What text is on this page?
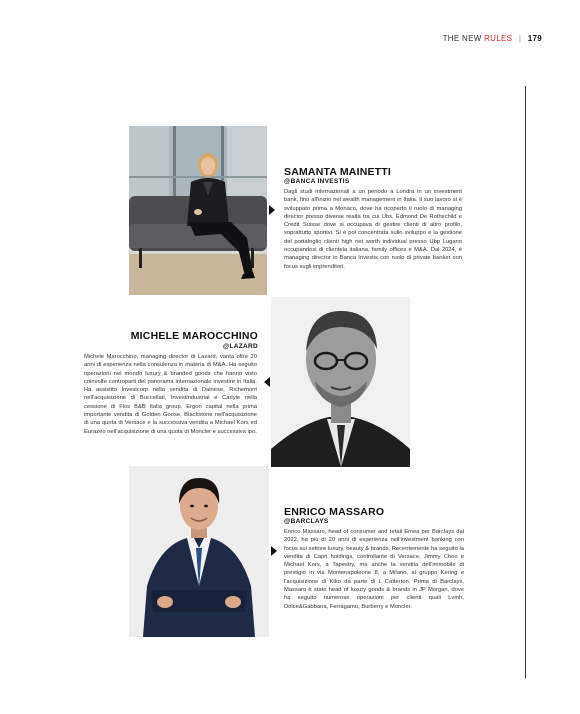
THE NEW RULES | 179
SAMANTA MAINETTI
@BANCA INVESTIS

Dagli studi internazionali a un periodo a Londra in un investment bank, fino all'inizio nel wealth management in Italia. Il suo lavoro si è sviluppato prima a Monaco, dove ha ricoperto il ruolo di managing director presso diverse realtà tra cui Ubs, Edmond De Rothschild e Credit Suisse dove si occupava di gestire clienti di altro profilo, soprattutto sportivi. Si è poi concentrata sullo sviluppo e la gestione del portafoglio clienti high net worth individual presso Ubp Lugano occupandosi di clientela italiana, family offices e M&A. Dal 2024, è managing director in Banca Investis con ruolo di private banker con focus sugli imprenditori.

MICHELE MAROCCHINO
@LAZARD

Michele Marocchino, managing director di Lazard, vanta oltre 20 anni di esperienza nella consulenza in materia di M&A. Ha seguito operazioni nel mondo luxury & branded goods che hanno visto coinvolte controparti del panorama internazionale investire in Italia. Ha assistito Investcorp nella vendita di Dainese, Richemont nell'acquisizione di Buccellati, Investindustrial e Carlyle nella cessione di Flos B&B Italia group, Ergon capital nella prima importante vendita di Golden Goose, Blackstone nell'acquisizione di una quota di Versace e la successiva vendita a Michael Kors ed Eurazeo nell'acquisizione di una quota di Moncler e successiva ipo.

ENRICO MASSARO
@BARCLAYS

Enrico Massaro, head of consumer and retail Emea per Barclays dal 2022, ha più di 20 anni di esperienza nell'investment banking con focus sui settore luxury, beauty & brands. Recentemente ha seguito la vendita di Capri holdings, controllante di Versace, Jimmy Choo e Michael Kors, a Tapestry, ma anche la vendita dell'immobile di prestigio in via Montenapoleone 8, a Milano, al gruppo Kering e l'acquisizione di Kiko da parte di L Catterton. Prima di Barclays, Massaro è stato head of luxury goods & brands in JP Morgan, dove ha seguito numerose operazioni per clienti quali Lvmh, Dolce&Gabbana, Ferragamo, Burberry e Moncler.
